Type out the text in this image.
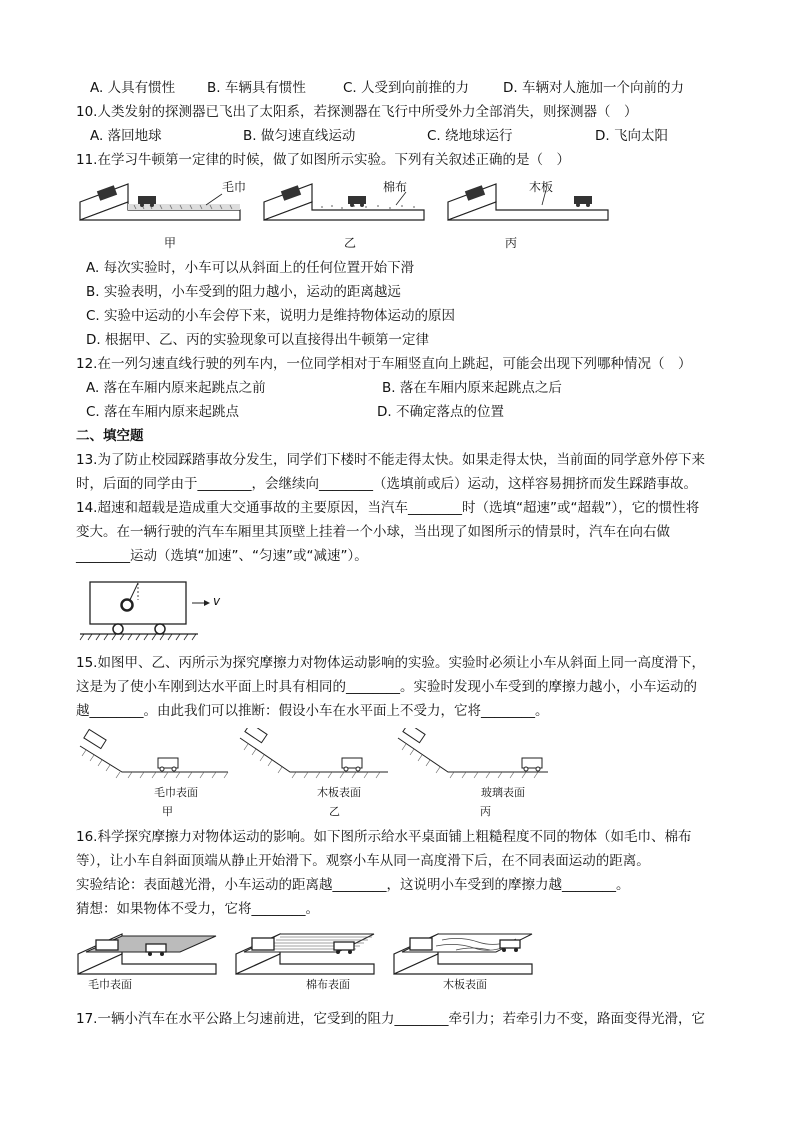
A. 人具有惯性 B. 车辆具有惯性	C. 人受到向前推的力	D. 车辆对人施加一个向前的力
10.人类发射的探测器已飞出了太阳系，若探测器在飞行中所受外力全部消失，则探测器（　）
A. 落回地球	B. 做匀速直线运动	C. 绕地球运行	D. 飞向太阳
11.在学习牛顿第一定律的时候，做了如图所示实验。下列有关叙述正确的是（　）
毛巾	棉布	木板
甲	乙	丙
A. 每次实验时，小车可以从斜面上的任何位置开始下滑
B. 实验表明，小车受到的阻力越小，运动的距离越远
C. 实验中运动的小车会停下来，说明力是维持物体运动的原因
D. 根据甲、乙、丙的实验现象可以直接得出牛顿第一定律
12.在一列匀速直线行驶的列车内，一位同学相对于车厢竖直向上跳起，可能会出现下列哪种情况（　）
A. 落在车厢内原来起跳点之前	B. 落在车厢内原来起跳点之后
C. 落在车厢内原来起跳点	D. 不确定落点的位置
二、填空题
13.为了防止校园踩踏事故分发生，同学们下楼时不能走得太快。如果走得太快，当前面的同学意外停下来
时，后面的同学由于________，会继续向________（选填前或后）运动，这样容易拥挤而发生踩踏事故。
14.超速和超载是造成重大交通事故的主要原因，当汽车________时（选填“超速”或“超载”），它的惯性将
变大。在一辆行驶的汽车车厢里其顶壁上挂着一个小球，当出现了如图所示的情景时，汽车在向右做
________运动（选填“加速”、“匀速”或“减速”）。
v
15.如图甲、乙、丙所示为探究摩擦力对物体运动影响的实验。实验时必须让小车从斜面上同一高度滑下，
这是为了使小车刚到达水平面上时具有相同的________。实验时发现小车受到的摩擦力越小，小车运动的
越________。由此我们可以推断：假设小车在水平面上不受力，它将________。
毛巾表面	木板表面	玻璃表面
甲	乙	丙
16.科学探究摩擦力对物体运动的影响。如下图所示给水平桌面铺上粗糙程度不同的物体（如毛巾、棉布
等），让小车自斜面顶端从静止开始滑下。观察小车从同一高度滑下后，在不同表面运动的距离。
实验结论：表面越光滑，小车运动的距离越________，这说明小车受到的摩擦力越________。
猜想：如果物体不受力，它将________。
毛巾表面	棉布表面	木板表面
17.一辆小汽车在水平公路上匀速前进，它受到的阻力________牵引力；若牵引力不变，路面变得光滑，它
